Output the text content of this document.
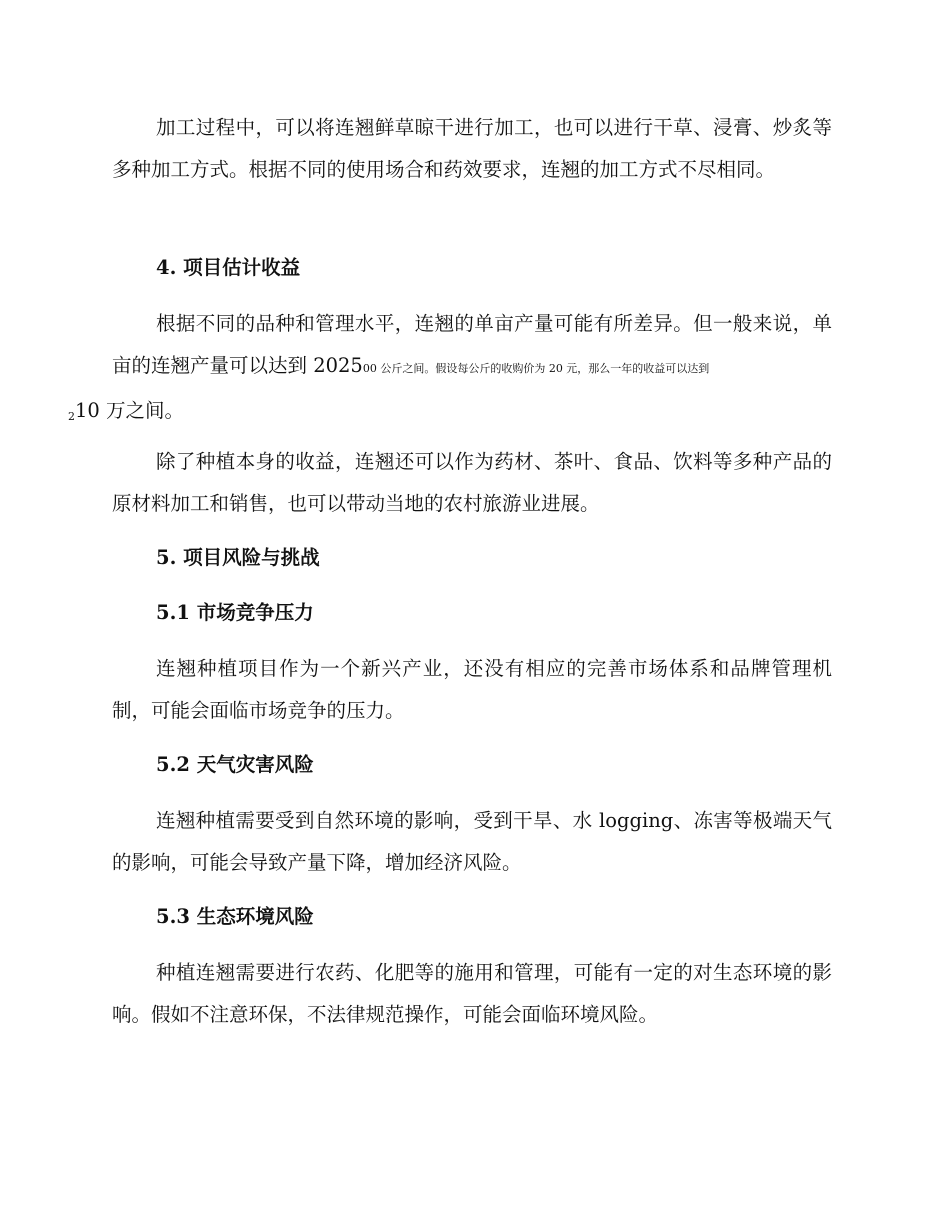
加工过程中，可以将连翘鲜草晾干进行加工，也可以进行干草、浸膏、炒炙等多种加工方式。根据不同的使用场合和药效要求，连翘的加工方式不尽相同。

4. 项目估计收益

根据不同的品种和管理水平，连翘的单亩产量可能有所差异。但一般来说，单亩的连翘产量可以达到 202500 公斤之间。假设每公斤的收购价为 20 元，那么一年的收益可以达到
$_2$10 万之间。

除了种植本身的收益，连翘还可以作为药材、茶叶、食品、饮料等多种产品的原材料加工和销售，也可以带动当地的农村旅游业进展。

5. 项目风险与挑战
5.1 市场竞争压力

连翘种植项目作为一个新兴产业，还没有相应的完善市场体系和品牌管理机制，可能会面临市场竞争的压力。

5.2 天气灾害风险

连翘种植需要受到自然环境的影响，受到干旱、水 logging、冻害等极端天气的影响，可能会导致产量下降，增加经济风险。

5.3 生态环境风险

种植连翘需要进行农药、化肥等的施用和管理，可能有一定的对生态环境的影响。假如不注意环保，不法律规范操作，可能会面临环境风险。
